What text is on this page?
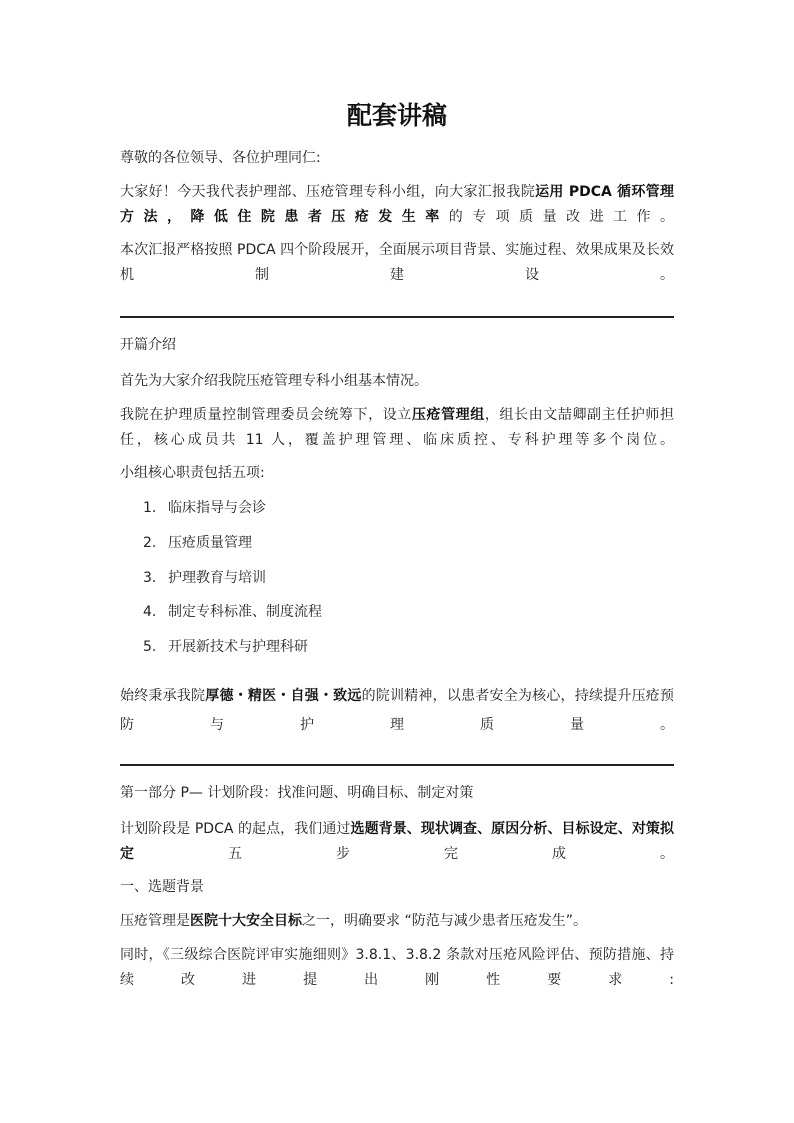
配套讲稿
尊敬的各位领导、各位护理同仁:
大家好！今天我代表护理部、压疮管理专科小组，向大家汇报我院运用 PDCA 循环管理方法，降低住院患者压疮发生率的专项质量改进工作。
本次汇报严格按照 PDCA 四个阶段展开，全面展示项目背景、实施过程、效果成果及长效机制建设。
开篇介绍
首先为大家介绍我院压疮管理专科小组基本情况。
我院在护理质量控制管理委员会统筹下，设立压疮管理组，组长由文喆卿副主任护师担任，核心成员共 11 人，覆盖护理管理、临床质控、专科护理等多个岗位。
小组核心职责包括五项:
1. 临床指导与会诊
2. 压疮质量管理
3. 护理教育与培训
4. 制定专科标准、制度流程
5. 开展新技术与护理科研
始终秉承我院厚德・精医・自强・致远的院训精神，以患者安全为核心，持续提升压疮预防与护理质量。
第一部分 P— 计划阶段：找准问题、明确目标、制定对策
计划阶段是 PDCA 的起点，我们通过选题背景、现状调查、原因分析、目标设定、对策拟定五步完成。
一、选题背景
压疮管理是医院十大安全目标之一，明确要求 “防范与减少患者压疮发生”。
同时，《三级综合医院评审实施细则》3.8.1、3.8.2 条款对压疮风险评估、预防措施、持续改进提出刚性要求:
